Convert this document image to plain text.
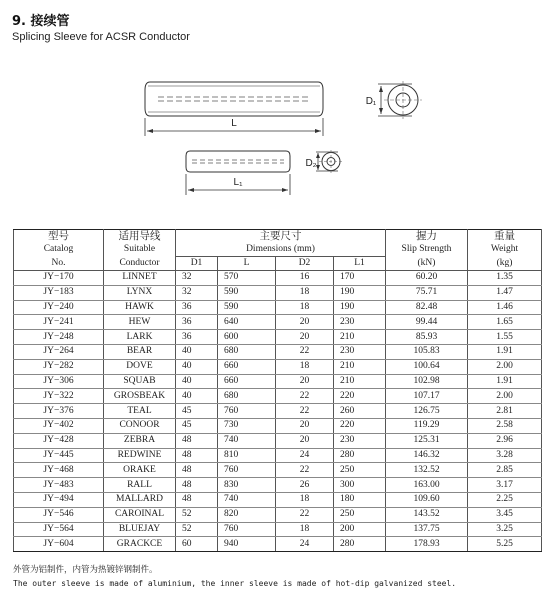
9. 接续管
Splicing Sleeve for ACSR Conductor
L
D₁
L₁
D₂
型号	适用导线	主要尺寸				握力	重量
Catalog	Suitable	Dimensions (mm)				Slip Strength	Weight
No.	Conductor	D1	L	D2	L1	(kN)	(kg)
JY−170	LINNET	32	570	16	170	60.20	1.35
JY−183	LYNX	32	590	18	190	75.71	1.47
JY−240	HAWK	36	590	18	190	82.48	1.46
JY−241	HEW	36	640	20	230	99.44	1.65
JY−248	LARK	36	600	20	210	85.93	1.55
JY−264	BEAR	40	680	22	230	105.83	1.91
JY−282	DOVE	40	660	18	210	100.64	2.00
JY−306	SQUAB	40	660	20	210	102.98	1.91
JY−322	GROSBEAK	40	680	22	220	107.17	2.00
JY−376	TEAL	45	760	22	260	126.75	2.81
JY−402	CONOOR	45	730	20	220	119.29	2.58
JY−428	ZEBRA	48	740	20	230	125.31	2.96
JY−445	REDWINE	48	810	24	280	146.32	3.28
JY−468	ORAKE	48	760	22	250	132.52	2.85
JY−483	RALL	48	830	26	300	163.00	3.17
JY−494	MALLARD	48	740	18	180	109.60	2.25
JY−546	CAROINAL	52	820	22	250	143.52	3.45
JY−564	BLUEJAY	52	760	18	200	137.75	3.25
JY−604	GRACKCE	60	940	24	280	178.93	5.25
外管为铝制件，内管为热镀锌钢制件。
The outer sleeve is made of aluminium, the inner sleeve is made of hot-dip galvanized steel.
